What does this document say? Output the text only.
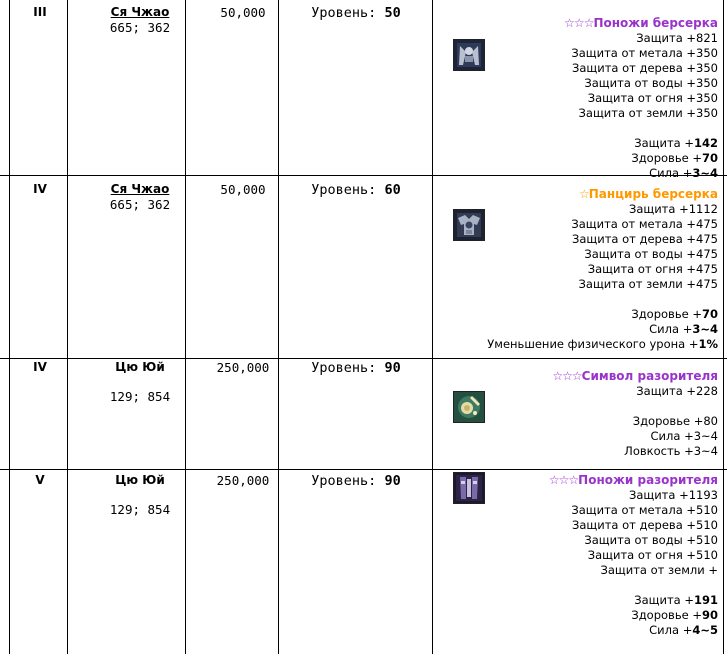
III	Ся Чжао
665; 362
50,000	Уровень: 50
☆☆☆Поножи берсерка
Защита +821
Защита от метала +350
Защита от дерева +350
Защита от воды +350
Защита от огня +350
Защита от земли +350
Защита +142
Здоровье +70
Сила +3~4
IV	Ся Чжао
665; 362
50,000	Уровень: 60	☆Панцирь берсерка
Защита +1112
Защита от метала +475
Защита от дерева +475
Защита от воды +475
Защита от огня +475
Защита от земли +475
Здоровье +70
Сила +3~4
Уменьшение физического урона +1%
IV	Цю Юй
129; 854
250,000	Уровень: 90	☆☆☆Символ разорителя
Защита +228
Здоровье +80
Сила +3~4
Ловкость +3~4
V	Цю Юй
129; 854
250,000	Уровень: 90	☆☆☆Поножи разорителя
Защита +1193
Защита от метала +510
Защита от дерева +510
Защита от воды +510
Защита от огня +510
Защита от земли +
Защита +191
Здоровье +90
Сила +4~5
